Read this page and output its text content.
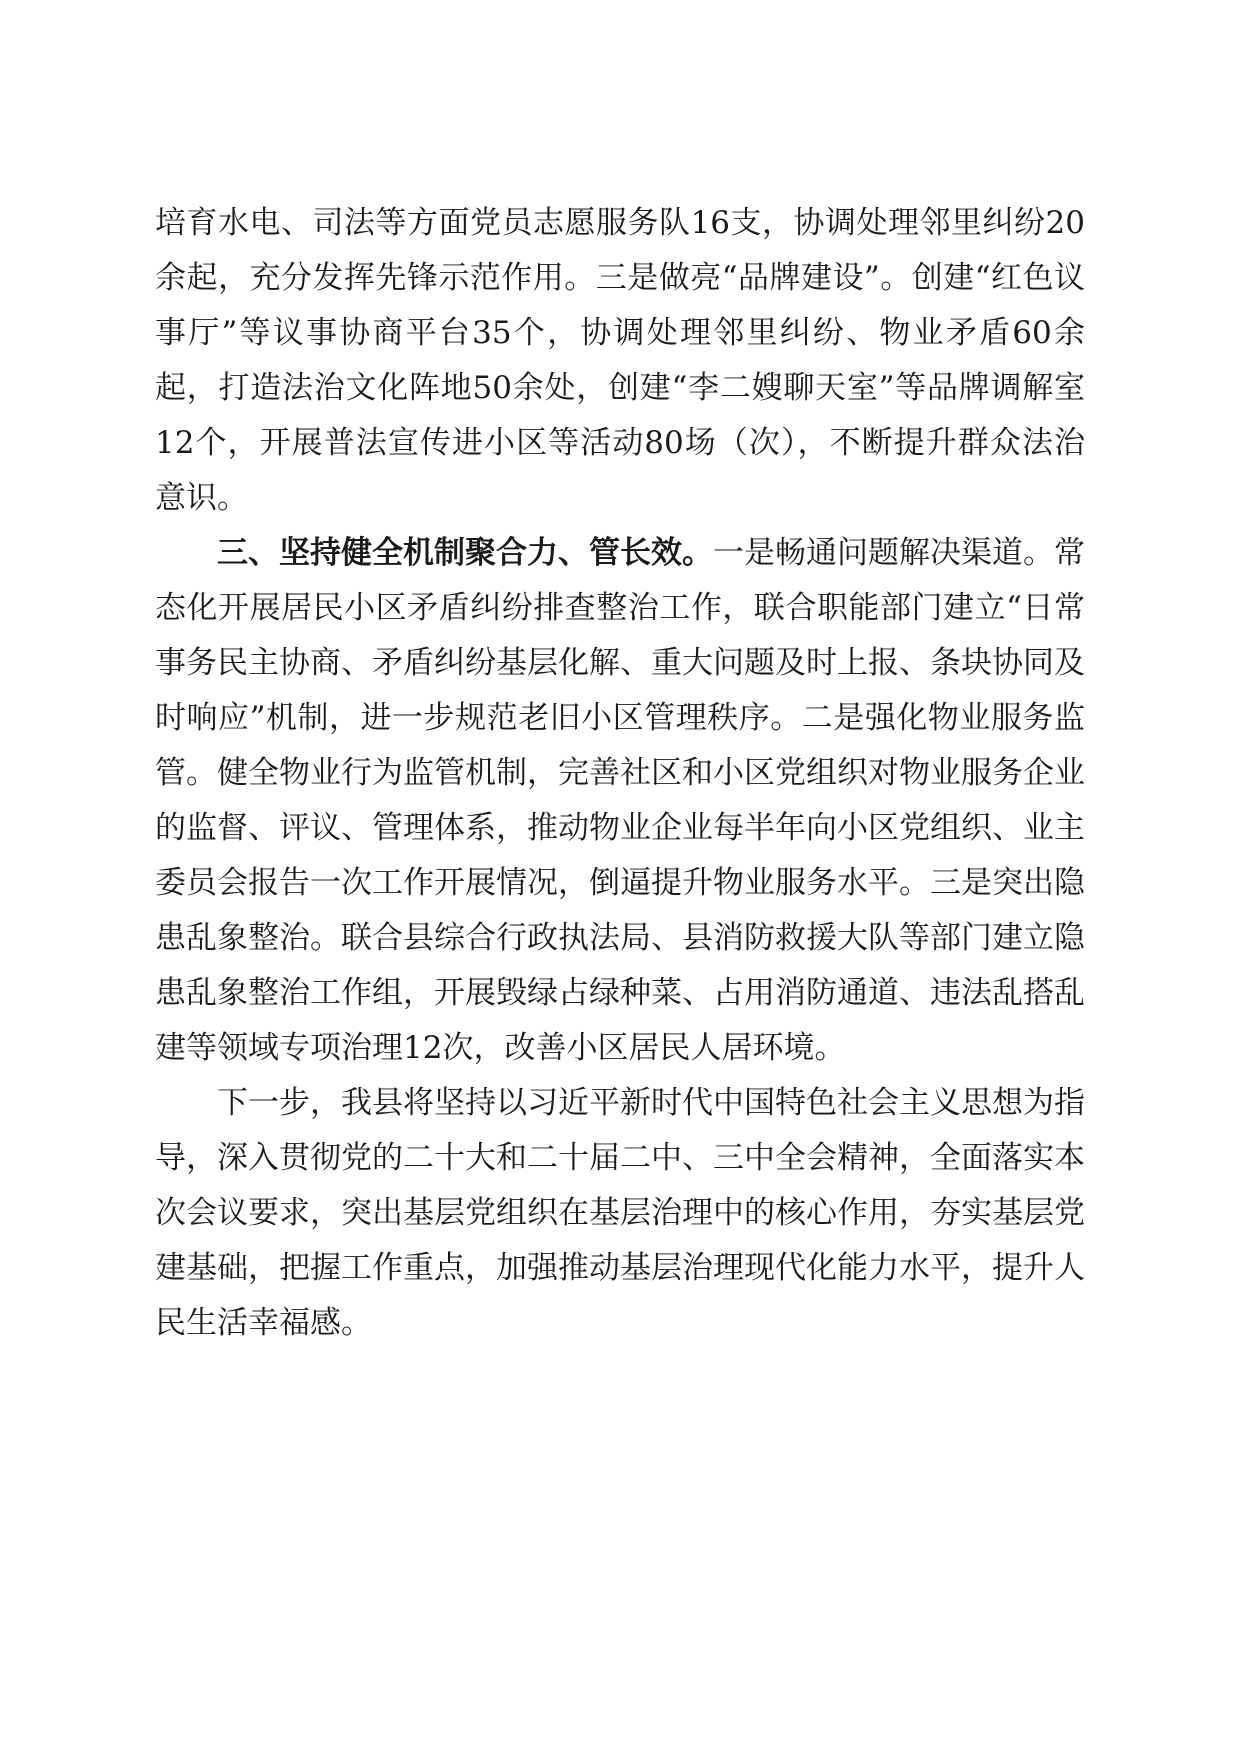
培育水电、司法等方面党员志愿服务队16支，协调处理邻里纠纷20余起，充分发挥先锋示范作用。三是做亮“品牌建设”。创建“红色议事厅”等议事协商平台35个，协调处理邻里纠纷、物业矛盾60余起，打造法治文化阵地50余处，创建“李二嫂聊天室”等品牌调解室12个，开展普法宣传进小区等活动80场（次），不断提升群众法治意识。

三、坚持健全机制聚合力、管长效。一是畅通问题解决渠道。常态化开展居民小区矛盾纠纷排查整治工作，联合职能部门建立“日常事务民主协商、矛盾纠纷基层化解、重大问题及时上报、条块协同及时响应”机制，进一步规范老旧小区管理秩序。二是强化物业服务监管。健全物业行为监管机制，完善社区和小区党组织对物业服务企业的监督、评议、管理体系，推动物业企业每半年向小区党组织、业主委员会报告一次工作开展情况，倒逼提升物业服务水平。三是突出隐患乱象整治。联合县综合行政执法局、县消防救援大队等部门建立隐患乱象整治工作组，开展毁绿占绿种菜、占用消防通道、违法乱搭乱建等领域专项治理12次，改善小区居民人居环境。

下一步，我县将坚持以习近平新时代中国特色社会主义思想为指导，深入贯彻党的二十大和二十届二中、三中全会精神，全面落实本次会议要求，突出基层党组织在基层治理中的核心作用，夯实基层党建基础，把握工作重点，加强推动基层治理现代化能力水平，提升人民生活幸福感。
